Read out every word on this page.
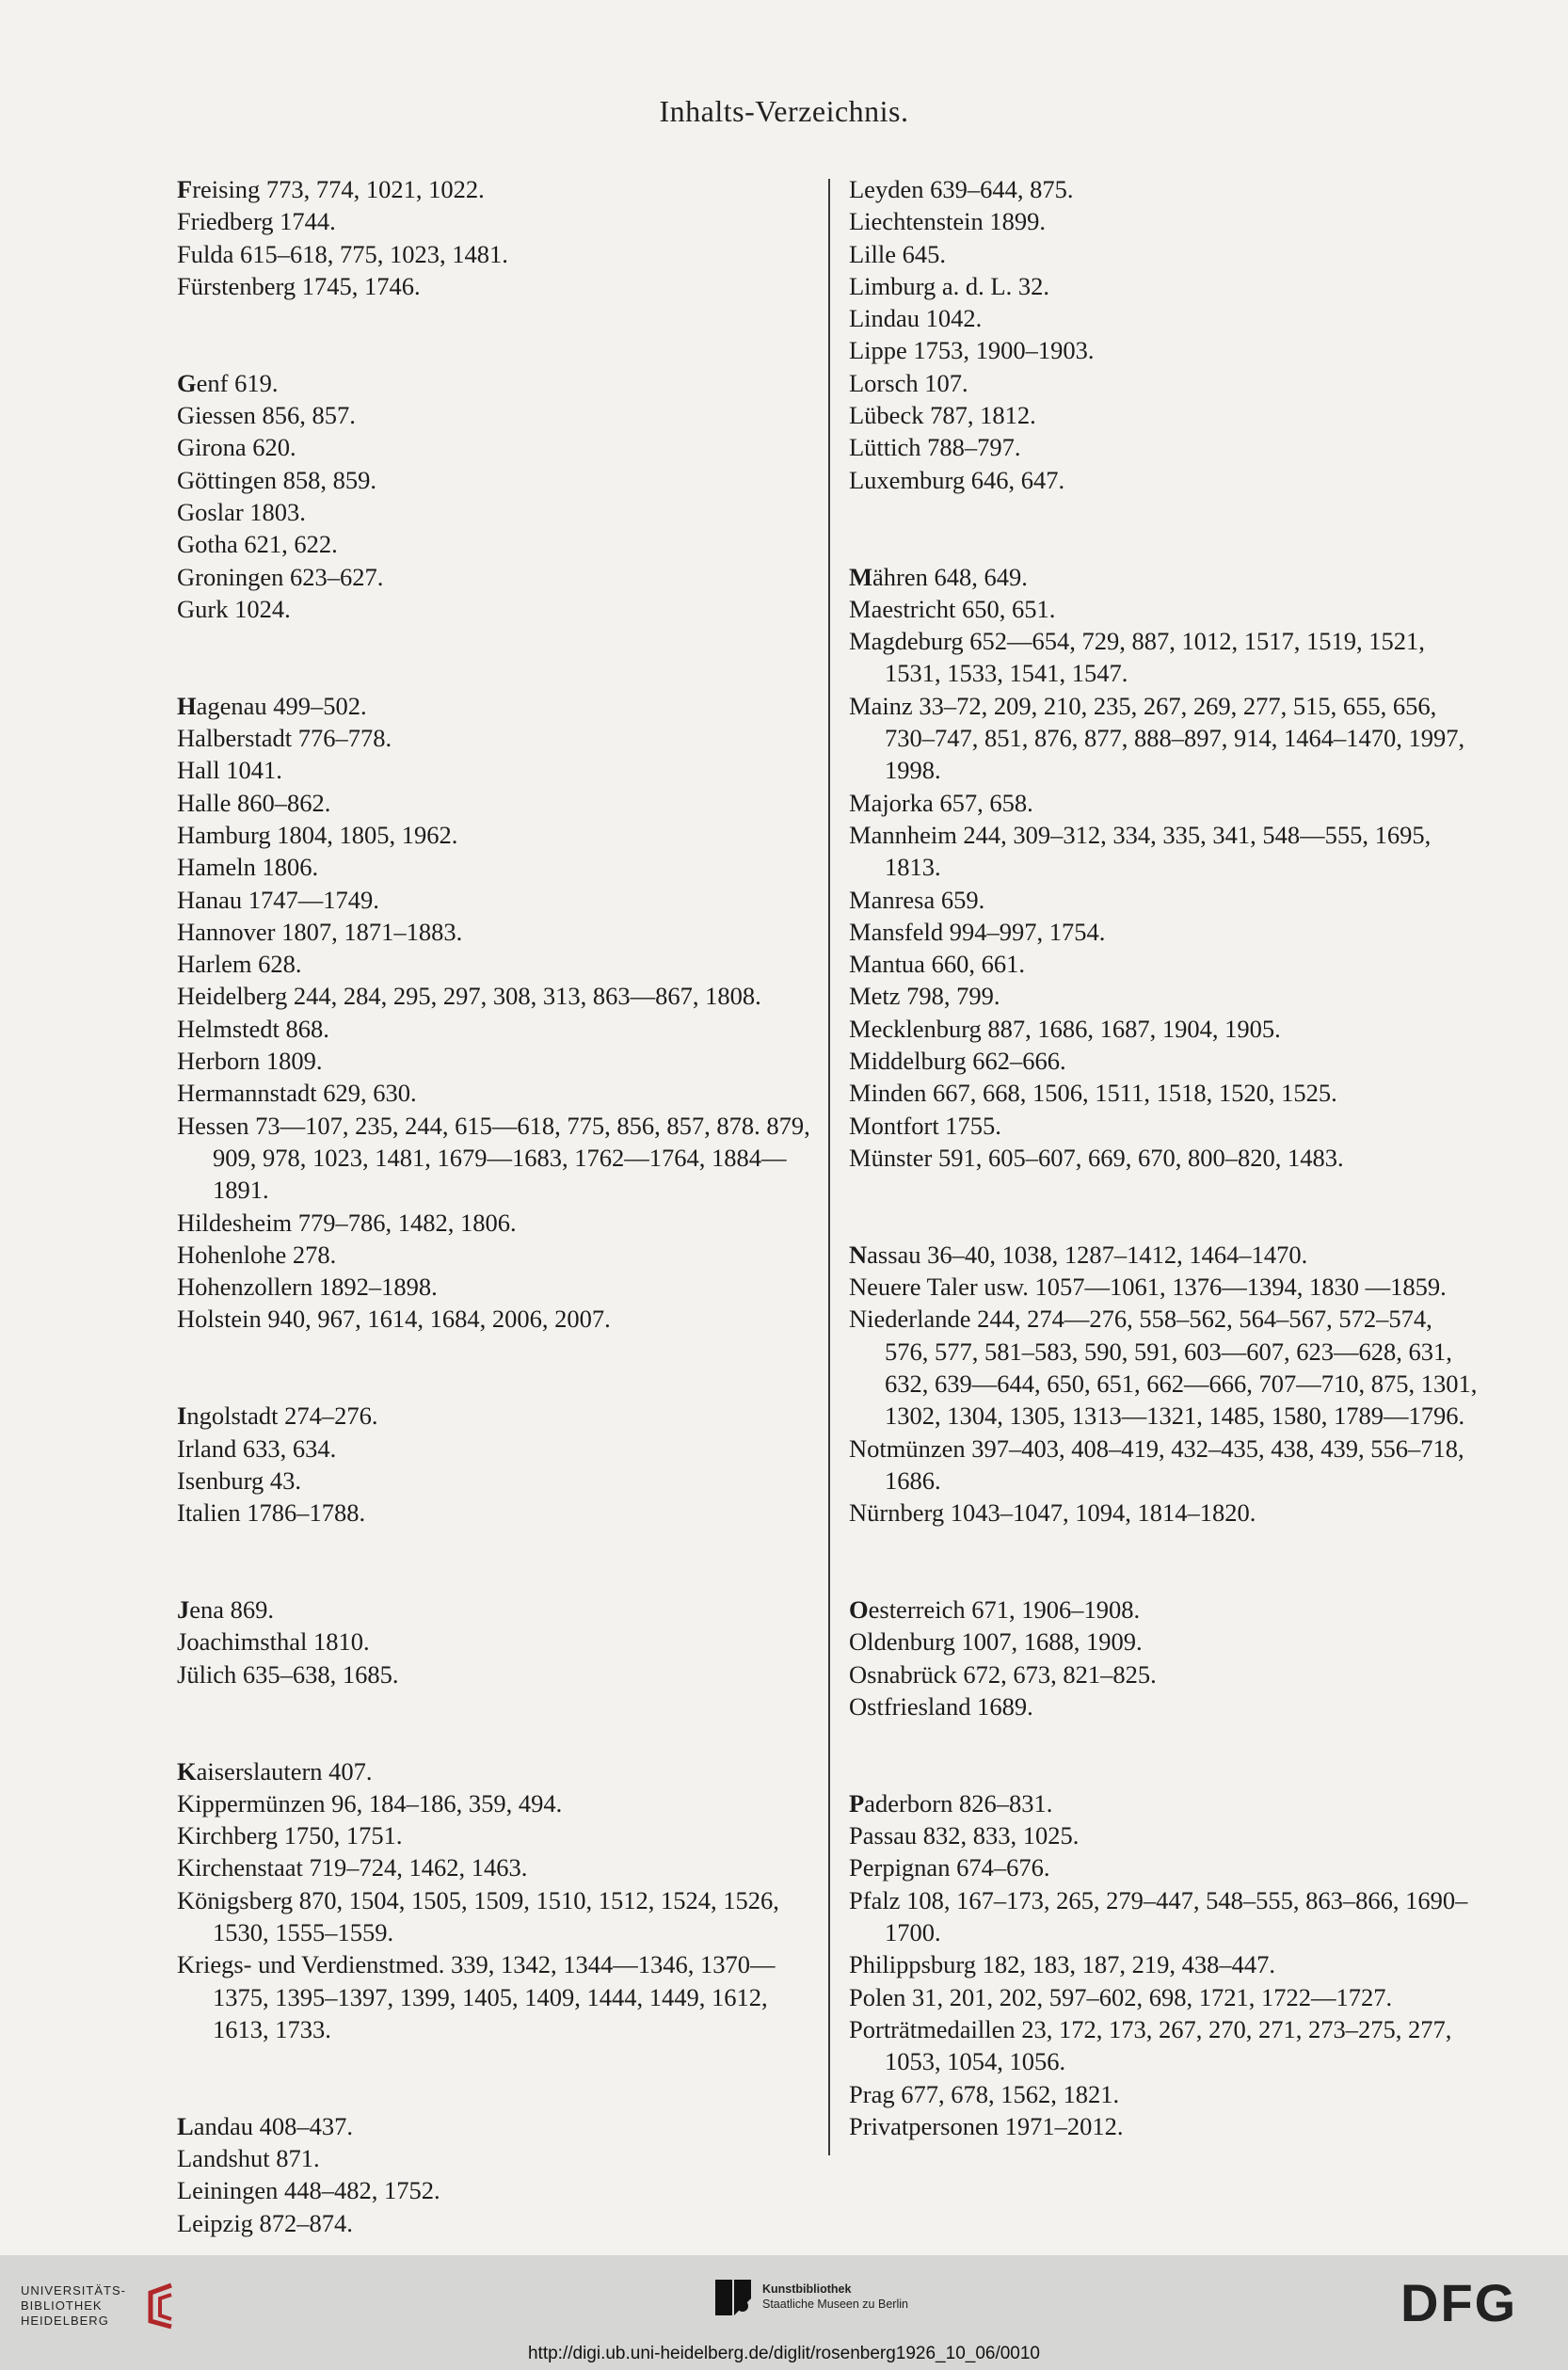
Inhalts-Verzeichnis.
Freising 773, 774, 1021, 1022.
Friedberg 1744.
Fulda 615–618, 775, 1023, 1481.
Fürstenberg 1745, 1746.
Genf 619.
Giessen 856, 857.
Girona 620.
Göttingen 858, 859.
Goslar 1803.
Gotha 621, 622.
Groningen 623–627.
Gurk 1024.
Hagenau 499–502.
Halberstadt 776–778.
Hall 1041.
Halle 860–862.
Hamburg 1804, 1805, 1962.
Hameln 1806.
Hanau 1747—1749.
Hannover 1807, 1871–1883.
Harlem 628.
Heidelberg 244, 284, 295, 297, 308, 313, 863—867, 1808.
Helmstedt 868.
Herborn 1809.
Hermannstadt 629, 630.
Hessen 73—107, 235, 244, 615—618, 775, 856, 857, 878. 879, 909, 978, 1023, 1481, 1679—1683, 1762—1764, 1884—1891.
Hildesheim 779–786, 1482, 1806.
Hohenlohe 278.
Hohenzollern 1892–1898.
Holstein 940, 967, 1614, 1684, 2006, 2007.
Ingolstadt 274–276.
Irland 633, 634.
Isenburg 43.
Italien 1786–1788.
Jena 869.
Joachimsthal 1810.
Jülich 635–638, 1685.
Kaiserslautern 407.
Kippermünzen 96, 184–186, 359, 494.
Kirchberg 1750, 1751.
Kirchenstaat 719–724, 1462, 1463.
Königsberg 870, 1504, 1505, 1509, 1510, 1512, 1524, 1526, 1530, 1555–1559.
Kriegs- und Verdienstmed. 339, 1342, 1344—1346, 1370—1375, 1395–1397, 1399, 1405, 1409, 1444, 1449, 1612, 1613, 1733.
Landau 408–437.
Landshut 871.
Leiningen 448–482, 1752.
Leipzig 872–874.
Leyden 639–644, 875.
Liechtenstein 1899.
Lille 645.
Limburg a. d. L. 32.
Lindau 1042.
Lippe 1753, 1900–1903.
Lorsch 107.
Lübeck 787, 1812.
Lüttich 788–797.
Luxemburg 646, 647.
Mähren 648, 649.
Maestricht 650, 651.
Magdeburg 652—654, 729, 887, 1012, 1517, 1519, 1521, 1531, 1533, 1541, 1547.
Mainz 33–72, 209, 210, 235, 267, 269, 277, 515, 655, 656, 730–747, 851, 876, 877, 888–897, 914, 1464–1470, 1997, 1998.
Majorka 657, 658.
Mannheim 244, 309–312, 334, 335, 341, 548—555, 1695, 1813.
Manresa 659.
Mansfeld 994–997, 1754.
Mantua 660, 661.
Metz 798, 799.
Mecklenburg 887, 1686, 1687, 1904, 1905.
Middelburg 662–666.
Minden 667, 668, 1506, 1511, 1518, 1520, 1525.
Montfort 1755.
Münster 591, 605–607, 669, 670, 800–820, 1483.
Nassau 36–40, 1038, 1287–1412, 1464–1470.
Neuere Taler usw. 1057—1061, 1376—1394, 1830 —1859.
Niederlande 244, 274—276, 558–562, 564–567, 572–574, 576, 577, 581–583, 590, 591, 603—607, 623—628, 631, 632, 639—644, 650, 651, 662—666, 707—710, 875, 1301, 1302, 1304, 1305, 1313—1321, 1485, 1580, 1789—1796.
Notmünzen 397–403, 408–419, 432–435, 438, 439, 556–718, 1686.
Nürnberg 1043–1047, 1094, 1814–1820.
Oesterreich 671, 1906–1908.
Oldenburg 1007, 1688, 1909.
Osnabrück 672, 673, 821–825.
Ostfriesland 1689.
Paderborn 826–831.
Passau 832, 833, 1025.
Perpignan 674–676.
Pfalz 108, 167–173, 265, 279–447, 548–555, 863–866, 1690–1700.
Philippsburg 182, 183, 187, 219, 438–447.
Polen 31, 201, 202, 597–602, 698, 1721, 1722—1727.
Porträtmedaillen 23, 172, 173, 267, 270, 271, 273–275, 277, 1053, 1054, 1056.
Prag 677, 678, 1562, 1821.
Privatpersonen 1971–2012.
UNIVERSITÄTS-
BIBLIOTHEK
HEIDELBERG
Kunstbibliothek
Staatliche Museen zu Berlin	DFG
http://digi.ub.uni-heidelberg.de/diglit/rosenberg1926_10_06/0010
